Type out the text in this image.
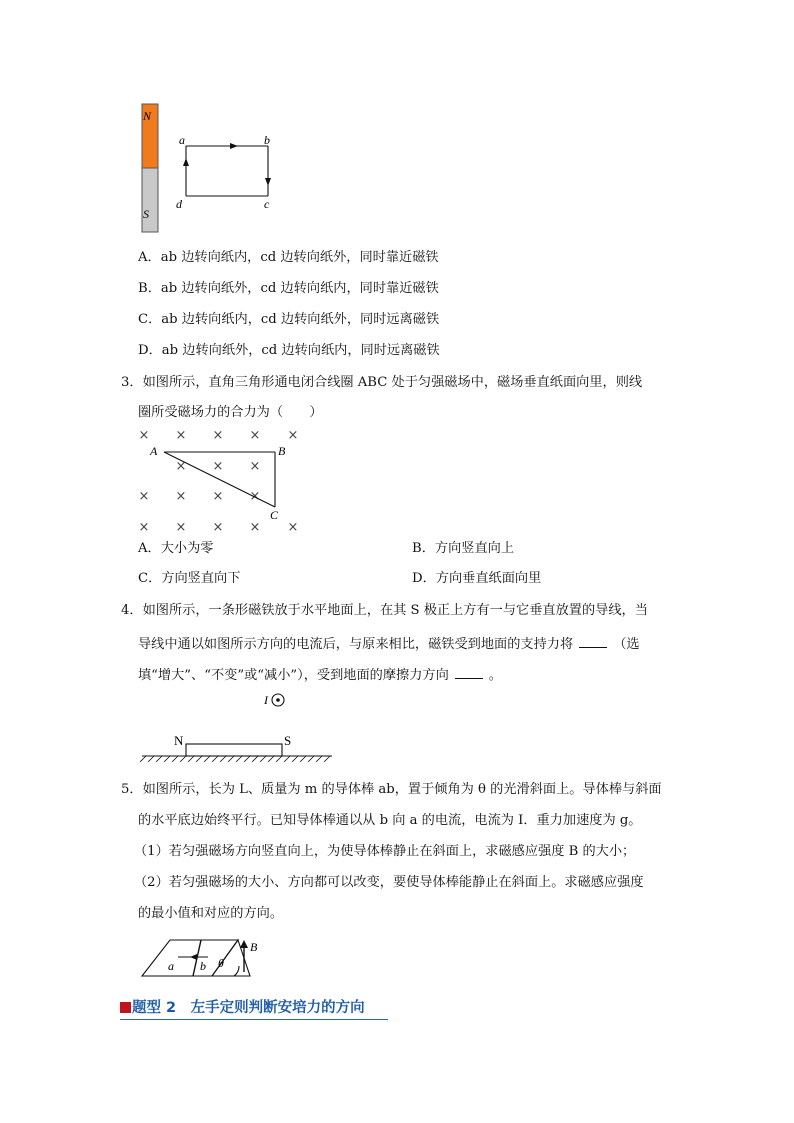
N
S
a	b
c
d
A．ab 边转向纸内，cd 边转向纸外，同时靠近磁铁
B．ab 边转向纸外，cd 边转向纸内，同时靠近磁铁
C．ab 边转向纸内，cd 边转向纸外，同时远离磁铁
D．ab 边转向纸外，cd 边转向纸内，同时远离磁铁
3．如图所示，直角三角形通电闭合线圈 ABC 处于匀强磁场中，磁场垂直纸面向里，则线
圈所受磁场力的合力为（　　）
× × × × ×
× × ×
× × × ×
× × × × ×
A	B
C
A．大小为零	B．方向竖直向上
C．方向竖直向下	D．方向垂直纸面向里
4．如图所示，一条形磁铁放于水平地面上，在其 S 极正上方有一与它垂直放置的导线，当
导线中通以如图所示方向的电流后，与原来相比，磁铁受到地面的支持力将	（选
填“增大”、“不变”或“减小”），受到地面的摩擦力方向	。
I
N	S
5．如图所示，长为 L、质量为 m 的导体棒 ab，置于倾角为 θ 的光滑斜面上。导体棒与斜面
的水平底边始终平行。已知导体棒通以从 b 向 a 的电流，电流为 I．重力加速度为 g。
（1）若匀强磁场方向竖直向上，为使导体棒静止在斜面上，求磁感应强度 B 的大小；
（2）若匀强磁场的大小、方向都可以改变，要使导体棒能静止在斜面上。求磁感应强度
的最小值和对应的方向。
a b θ
B
题型 2　左手定则判断安培力的方向
